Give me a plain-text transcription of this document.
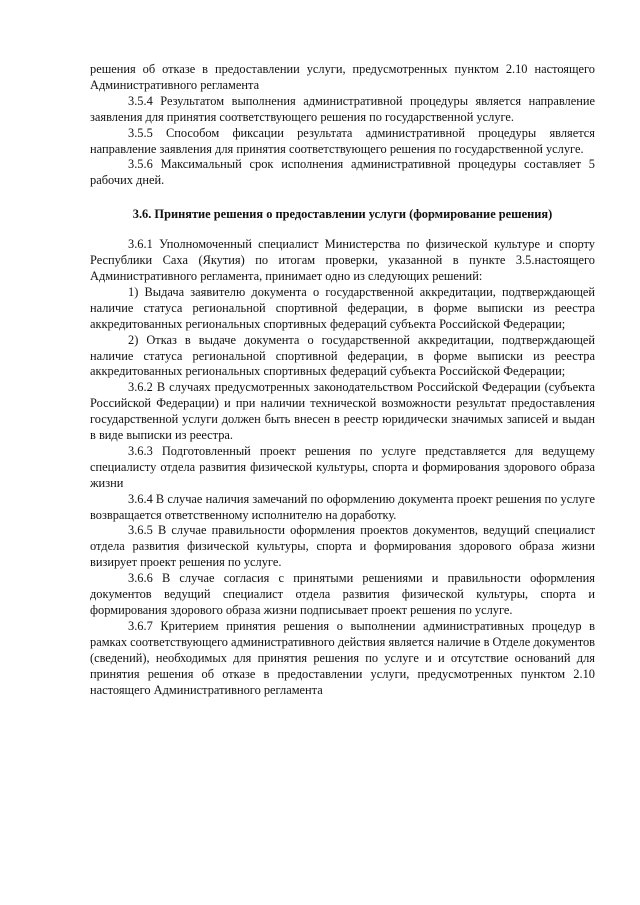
решения об отказе в предоставлении услуги, предусмотренных пунктом 2.10 настоящего Административного регламента

3.5.4 Результатом выполнения административной процедуры является направление заявления для принятия соответствующего решения по государственной услуге.

3.5.5 Способом фиксации результата административной процедуры является направление заявления для принятия соответствующего решения по государственной услуге.

3.5.6 Максимальный срок исполнения административной процедуры составляет 5 рабочих дней.

3.6. Принятие решения о предоставлении услуги (формирование решения)

3.6.1 Уполномоченный специалист Министерства по физической культуре и спорту Республики Саха (Якутия) по итогам проверки, указанной в пункте 3.5.настоящего Административного регламента, принимает одно из следующих решений:

1) Выдача заявителю документа о государственной аккредитации, подтверждающей наличие статуса региональной спортивной федерации, в форме выписки из реестра аккредитованных региональных спортивных федераций субъекта Российской Федерации;

2) Отказ в выдаче документа о государственной аккредитации, подтверждающей наличие статуса региональной спортивной федерации, в форме выписки из реестра аккредитованных региональных спортивных федераций субъекта Российской Федерации;

3.6.2 В случаях предусмотренных законодательством Российской Федерации (субъекта Российской Федерации) и при наличии технической возможности результат предоставления государственной услуги должен быть внесен в реестр юридически значимых записей и выдан в виде выписки из реестра.

3.6.3 Подготовленный проект решения по услуге представляется для ведущему специалисту отдела развития физической культуры, спорта и формирования здорового образа жизни

3.6.4 В случае наличия замечаний по оформлению документа проект решения по услуге возвращается ответственному исполнителю на доработку.

3.6.5 В случае правильности оформления проектов документов, ведущий специалист отдела развития физической культуры, спорта и формирования здорового образа жизни визирует проект решения по услуге.

3.6.6 В случае согласия с принятыми решениями и правильности оформления документов ведущий специалист отдела развития физической культуры, спорта и формирования здорового образа жизни подписывает проект решения по услуге.

3.6.7 Критерием принятия решения о выполнении административных процедур в рамках соответствующего административного действия является наличие в Отделе документов (сведений), необходимых для принятия решения по услуге и и отсутствие оснований для принятия решения об отказе в предоставлении услуги, предусмотренных пунктом 2.10 настоящего Административного регламента
